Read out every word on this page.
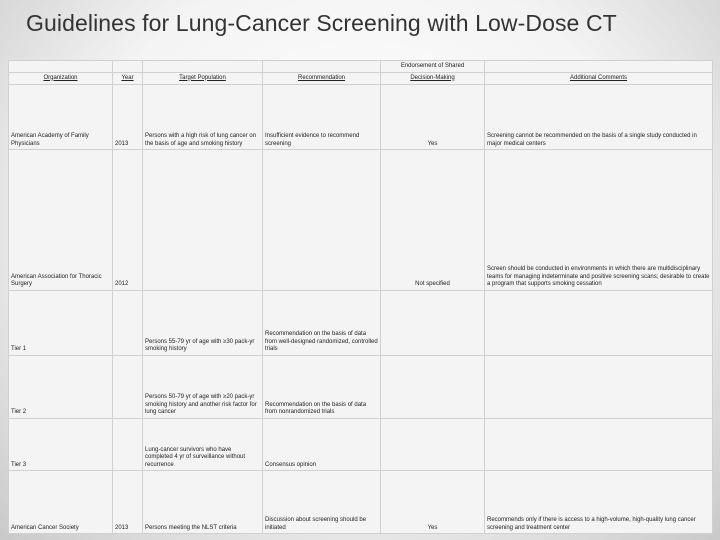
Guidelines for Lung-Cancer Screening with Low-Dose CT
				Endorsement of Shared	
Organization	Year	Target Population	Recommendation	Decision-Making	Additional Comments
American Academy of Family Physicians	2013	Persons with a high risk of lung cancer on the basis of age and smoking history	Insufficient evidence to recommend screening	Yes	Screening cannot be recommended on the basis of a single study conducted in major medical centers
American Association for Thoracic Surgery	2012			Not specified	Screen should be conducted in environments in which there are multidisciplinary teams for managing indeterminate and positive screening scans; desirable to create a program that supports smoking cessation
Tier 1		Persons 55-79 yr of age with ≥30 pack-yr smoking history	Recommendation on the basis of data from well-designed randomized, controlled trials		
Tier 2		Persons 50-79 yr of age with ≥20 pack-yr smoking history and another risk factor for lung cancer	Recommendation on the basis of data from nonrandomized trials		
Tier 3		Lung-cancer survivors who have completed 4 yr of surveillance without recurrence	Consensus opinion		
American Cancer Society	2013	Persons meeting the NLST criteria	Discussion about screening should be initiated	Yes	Recommends only if there is access to a high-volume, high-quality lung cancer screening and treatment center
